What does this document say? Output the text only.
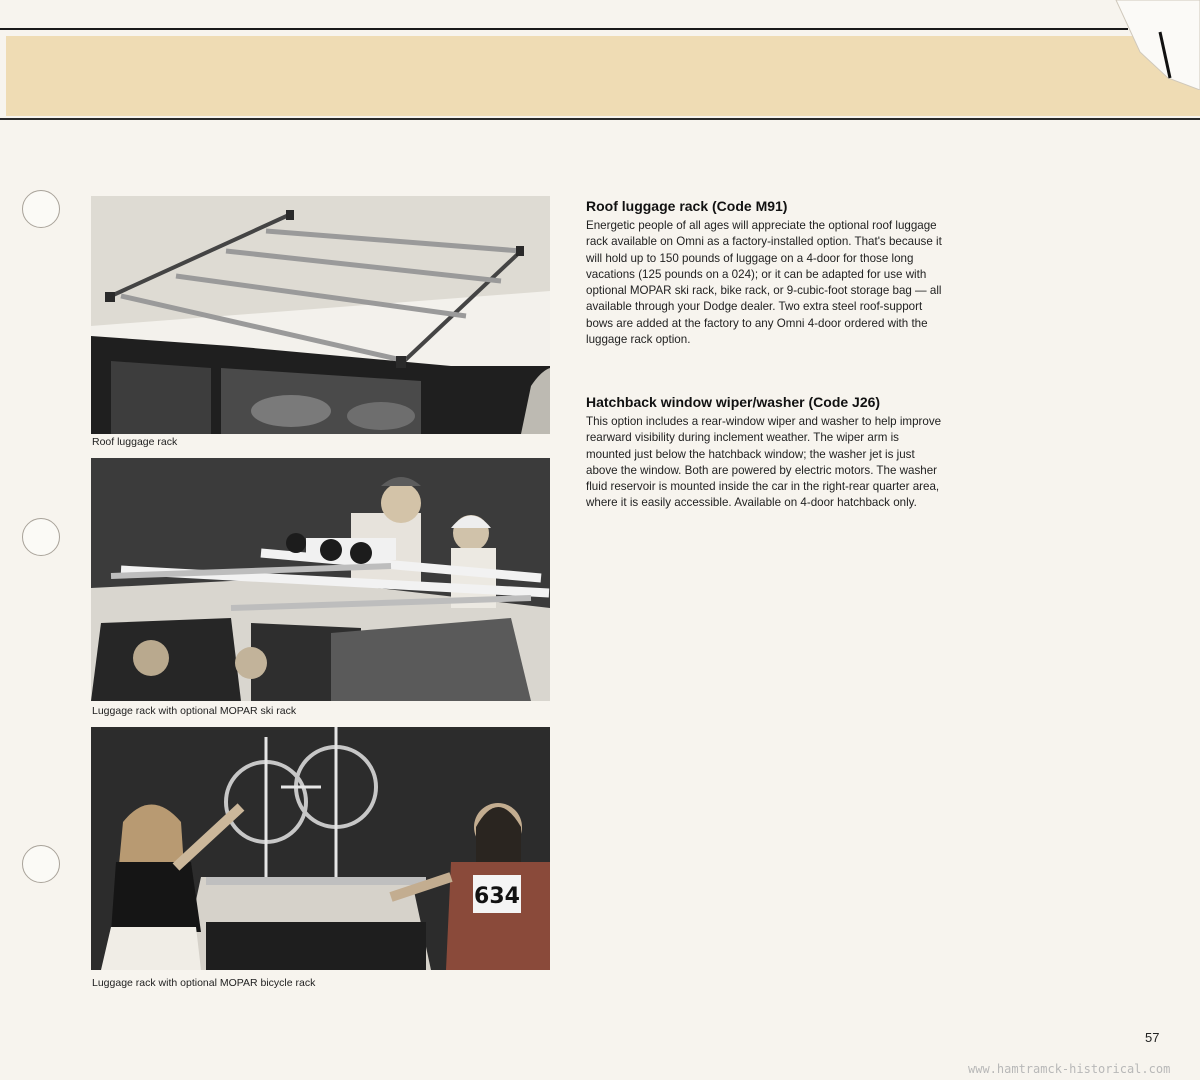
Roof luggage rack
Luggage rack with optional MOPAR ski rack
634
Luggage rack with optional MOPAR bicycle rack
Roof luggage rack (Code M91)
Energetic people of all ages will appreciate the optional roof luggage
rack available on Omni as a factory-installed option. That's because it
will hold up to 150 pounds of luggage on a 4-door for those long
vacations (125 pounds on a 024); or it can be adapted for use with
optional MOPAR ski rack, bike rack, or 9-cubic-foot storage bag — all
available through your Dodge dealer. Two extra steel roof-support
bows are added at the factory to any Omni 4-door ordered with the
luggage rack option.
Hatchback window wiper/washer (Code J26)
This option includes a rear-window wiper and washer to help improve
rearward visibility during inclement weather. The wiper arm is
mounted just below the hatchback window; the washer jet is just
above the window. Both are powered by electric motors. The washer
fluid reservoir is mounted inside the car in the right-rear quarter area,
where it is easily accessible. Available on 4-door hatchback only.
57
www.hamtramck-historical.com
